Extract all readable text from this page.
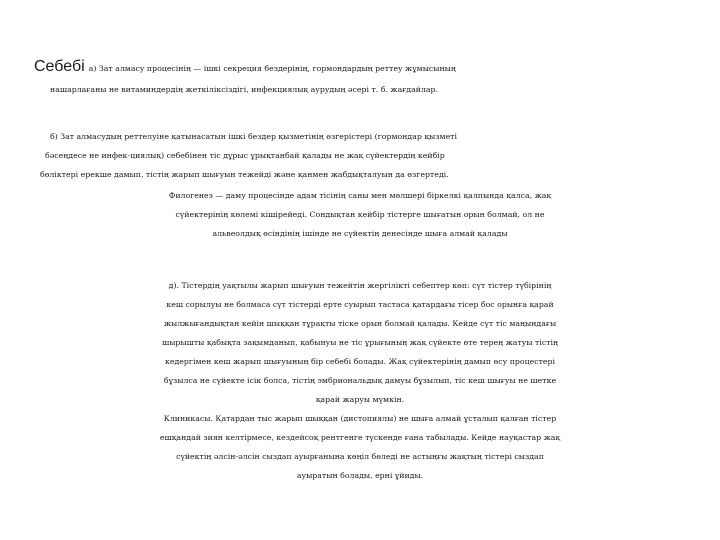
Себебі а) Зат алмасу процесінің — ішкі секреция бездерінің, гормондардың реттеу жұмысының
нашарлағаны не витаминдердің жеткіліксіздігі, инфекциялық аурудың әсері т. б. жағдайлар.
б) Зат алмасудың реттелуіне қатынасатын ішкі бездер қызметінің өзгерістері (гормондар қызметі
бәсеңдесе не инфек-циялық) себебінен тіс дұрыс ұрықтанбай қалады не жақ сүйектердің кейбір
бөліктері ерекше дамып, тістің жарып шығуын тежейді және қанмен жабдықталуын да өзгертеді.
Филогенез — даму процесінде адам тісінің саны мен мөлшері біркелкі қалпында қалса, жақ
сүйектерінің көлемі кішірейеді. Сондықтан кейбір тістерге шығатын орын болмай, ол не
альвеолдық өсіндінің ішінде не сүйектің денесінде шыға алмай қалады
д). Тістердің уақтылы жарып шығуын тежейтін жергілікті себептер көп: сүт тістер түбірінің
кеш сорылуы не болмаса сүт тістерді ерте суырып тастаса қатардағы тісер бос орынға қарай
жылжығандықтан кейін шыққан тұрақты тіске орын болмай қалады. Кейде сүт тіс маңындағы
шырышты қабықта зақымданып, қабынуы не тіс ұрығының жақ сүйекте өте терең жатуы тістің
кедергімен кеш жарып шығуының бір себебі болады. Жақ сүйектерінің дамып өсу процестері
бұзылса не сүйекте ісік болса, тістің эмбриональдық дамуы бұзылып, тіс кеш шығуы не шетке
қарай жаруы мүмкін.
Клиникасы. Қатардан тыс жарып шыққан (дистопиялы) не шыға алмай ұсталып қалған тістер
ешқандай зиян келтірмесе, кездейсоқ рентгенге түскенде ғана табылады. Кейде науқастар жақ
сүйектің әлсін-әлсін сыздап ауырғанына көңіл бөледі не астыңғы жақтың тістері сыздап
ауыратын болады, ерні ұйиды.
